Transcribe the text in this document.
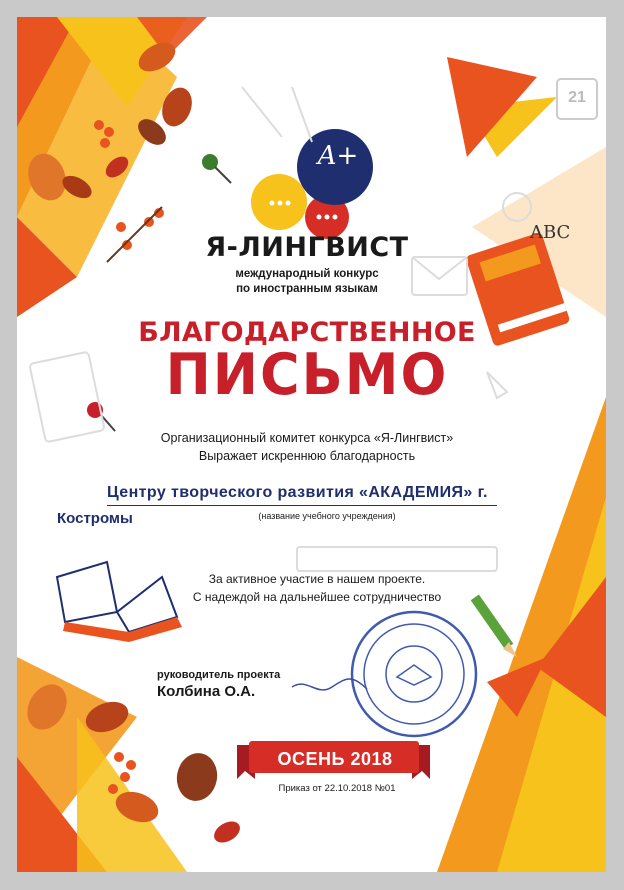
A+
Я-ЛИНГВИСТ
международный конкурс
по иностранным языкам
ABC
21
БЛАГОДАРСТВЕННОЕ
ПИСЬМО
Организационный комитет конкурса «Я-Лингвист»
Выражает искреннюю благодарность
Центру творческого развития «АКАДЕМИЯ» г.
Костромы	(название учебного учреждения)
За активное участие в нашем проекте.
С надеждой на дальнейшее сотрудничество
руководитель проекта
Колбина О.А.
ОСЕНЬ 2018
Приказ от 22.10.2018 №01
